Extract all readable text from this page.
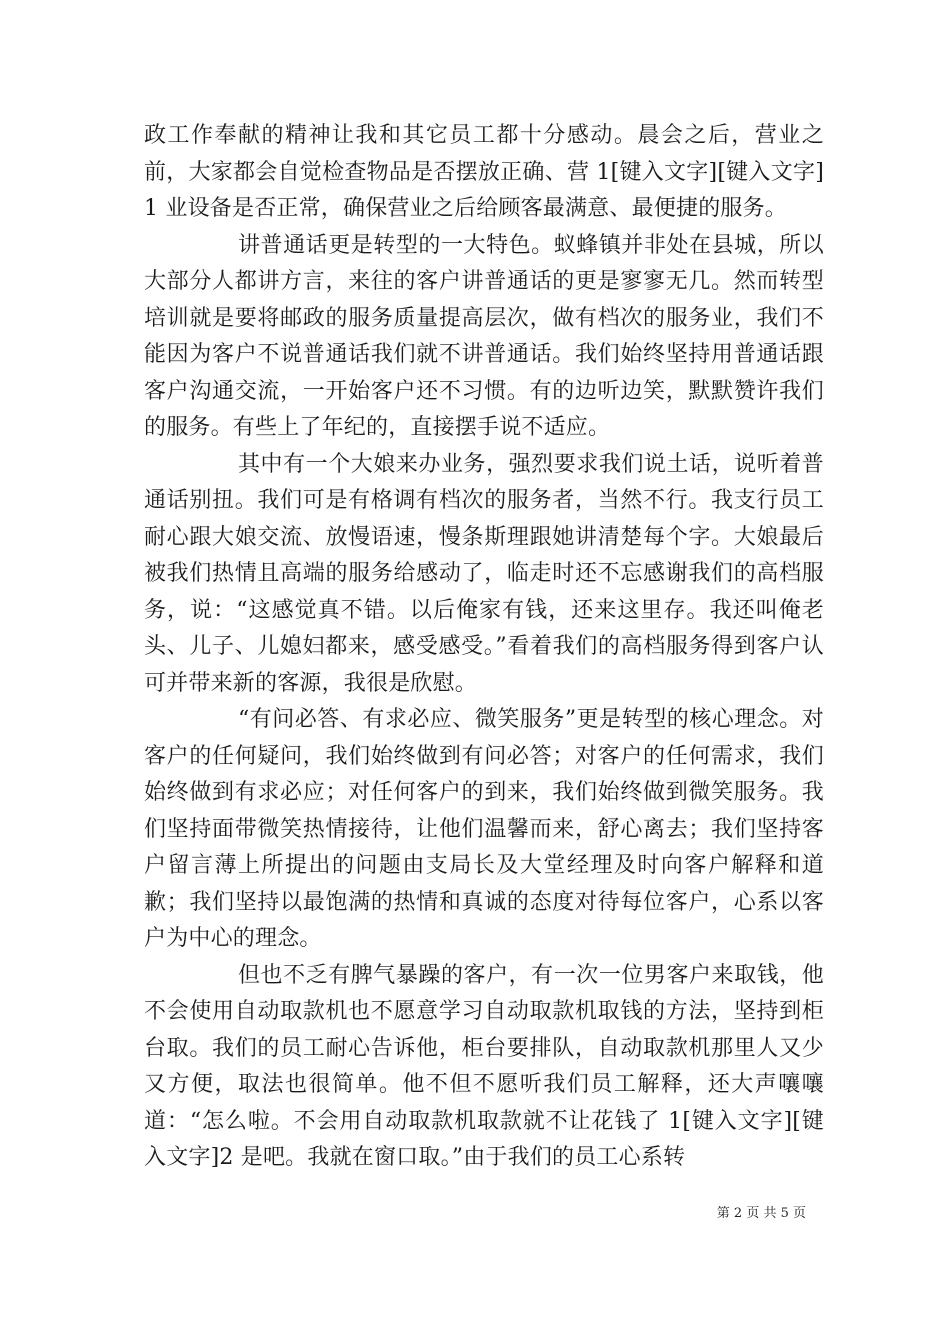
政工作奉献的精神让我和其它员工都十分感动。晨会之后，营业之前，大家都会自觉检查物品是否摆放正确、营 1[键入文字][键入文字]1 业设备是否正常，确保营业之后给顾客最满意、最便捷的服务。

讲普通话更是转型的一大特色。蚁蜂镇并非处在县城，所以大部分人都讲方言，来往的客户讲普通话的更是寥寥无几。然而转型培训就是要将邮政的服务质量提高层次，做有档次的服务业，我们不能因为客户不说普通话我们就不讲普通话。我们始终坚持用普通话跟客户沟通交流，一开始客户还不习惯。有的边听边笑，默默赞许我们的服务。有些上了年纪的，直接摆手说不适应。

其中有一个大娘来办业务，强烈要求我们说土话，说听着普通话别扭。我们可是有格调有档次的服务者，当然不行。我支行员工耐心跟大娘交流、放慢语速，慢条斯理跟她讲清楚每个字。大娘最后被我们热情且高端的服务给感动了，临走时还不忘感谢我们的高档服务，说：“这感觉真不错。以后俺家有钱，还来这里存。我还叫俺老头、儿子、儿媳妇都来，感受感受。”看着我们的高档服务得到客户认可并带来新的客源，我很是欣慰。

“有问必答、有求必应、微笑服务”更是转型的核心理念。对客户的任何疑问，我们始终做到有问必答；对客户的任何需求，我们始终做到有求必应；对任何客户的到来，我们始终做到微笑服务。我们坚持面带微笑热情接待，让他们温馨而来，舒心离去；我们坚持客户留言薄上所提出的问题由支局长及大堂经理及时向客户解释和道歉；我们坚持以最饱满的热情和真诚的态度对待每位客户，心系以客户为中心的理念。

但也不乏有脾气暴躁的客户，有一次一位男客户来取钱，他不会使用自动取款机也不愿意学习自动取款机取钱的方法，坚持到柜台取。我们的员工耐心告诉他，柜台要排队，自动取款机那里人又少又方便，取法也很简单。他不但不愿听我们员工解释，还大声嚷嚷道：“怎么啦。不会用自动取款机取款就不让花钱了 1[键入文字][键入文字]2 是吧。我就在窗口取。”由于我们的员工心系转

第 2 页 共 5 页
